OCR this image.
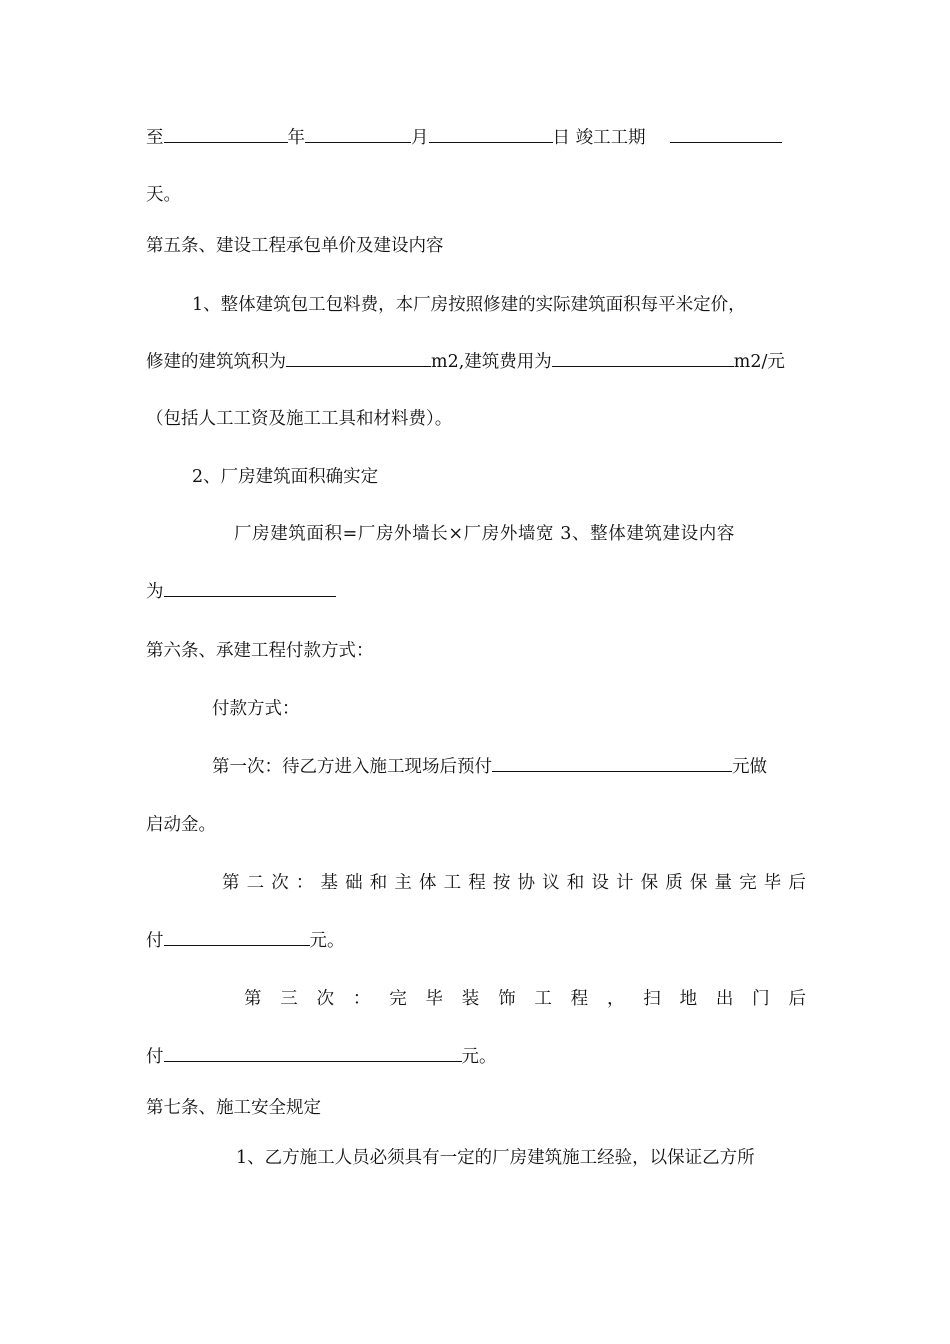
至	年	月	日 竣工工期
天。
第五条、建设工程承包单价及建设内容
1、整体建筑包工包料费，本厂房按照修建的实际建筑面积每平米定价，
修建的建筑筑积为	m2,建筑费用为	m2/元
（包括人工工资及施工工具和材料费）。
2、厂房建筑面积确实定
厂房建筑面积=厂房外墙长×厂房外墙宽 3、整体建筑建设内容
为
第六条、承建工程付款方式：
付款方式：
第一次：待乙方进入施工现场后预付	元做
启动金。
第 二 次 ： 基 础 和 主 体 工 程 按 协 议 和 设 计 保 质 保 量 完 毕 后
付	元。
第 三 次 ： 完 毕 装 饰 工 程 ， 扫 地 出 门 后
付	元。
第七条、施工安全规定
1、乙方施工人员必须具有一定的厂房建筑施工经验，以保证乙方所
